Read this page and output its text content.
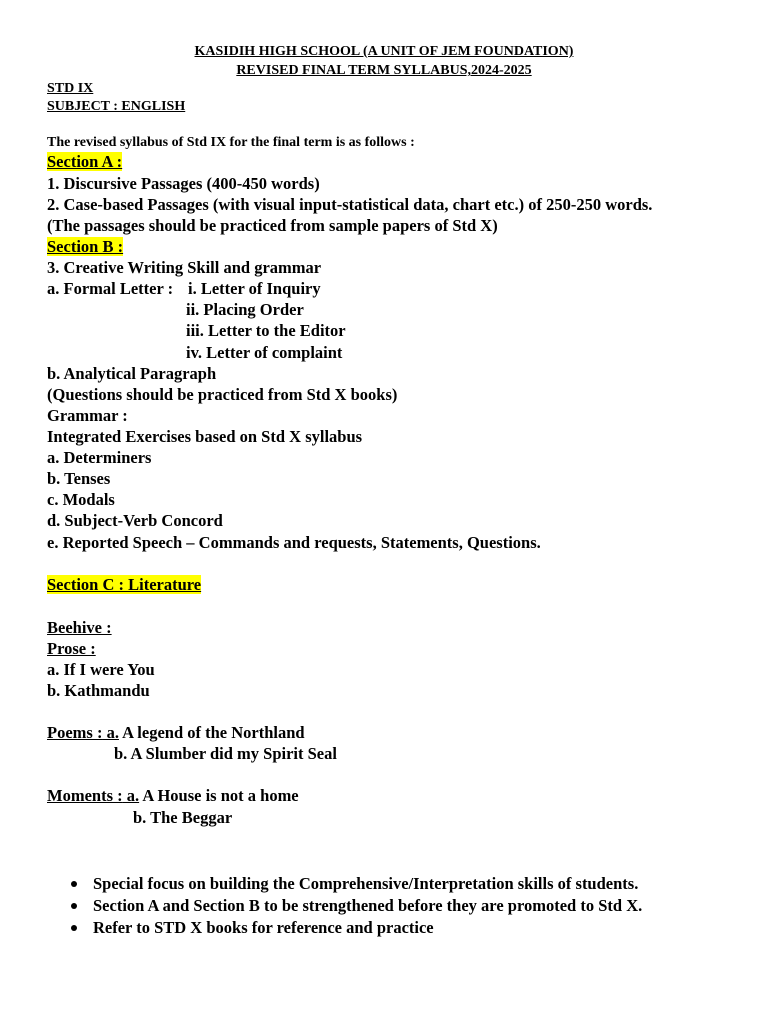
KASIDIH HIGH SCHOOL (A UNIT OF JEM FOUNDATION)
REVISED FINAL TERM SYLLABUS,2024-2025
STD IX
SUBJECT : ENGLISH
The revised syllabus of Std IX for the final term is as follows :
Section A :
1. Discursive Passages (400-450 words)
2. Case-based Passages (with visual input-statistical data, chart etc.) of 250-250 words.
(The passages should be practiced from sample papers of Std X)
Section B :
3. Creative Writing Skill and grammar
a. Formal Letter : i. Letter of Inquiry
ii. Placing Order
iii. Letter to the Editor
iv. Letter of complaint
b. Analytical Paragraph
(Questions should be practiced from Std X books)
Grammar :
Integrated Exercises based on Std X syllabus
a. Determiners
b. Tenses
c. Modals
d. Subject-Verb Concord
e. Reported Speech – Commands and requests, Statements, Questions.
Section C : Literature
Beehive :
Prose :
a. If I were You
b. Kathmandu
Poems : a. A legend of the Northland
b. A Slumber did my Spirit Seal
Moments : a. A House is not a home
b. The Beggar
Special focus on building the Comprehensive/Interpretation skills of students.
Section A and Section B to be strengthened before they are promoted to Std X.
Refer to STD X books for reference and practice
